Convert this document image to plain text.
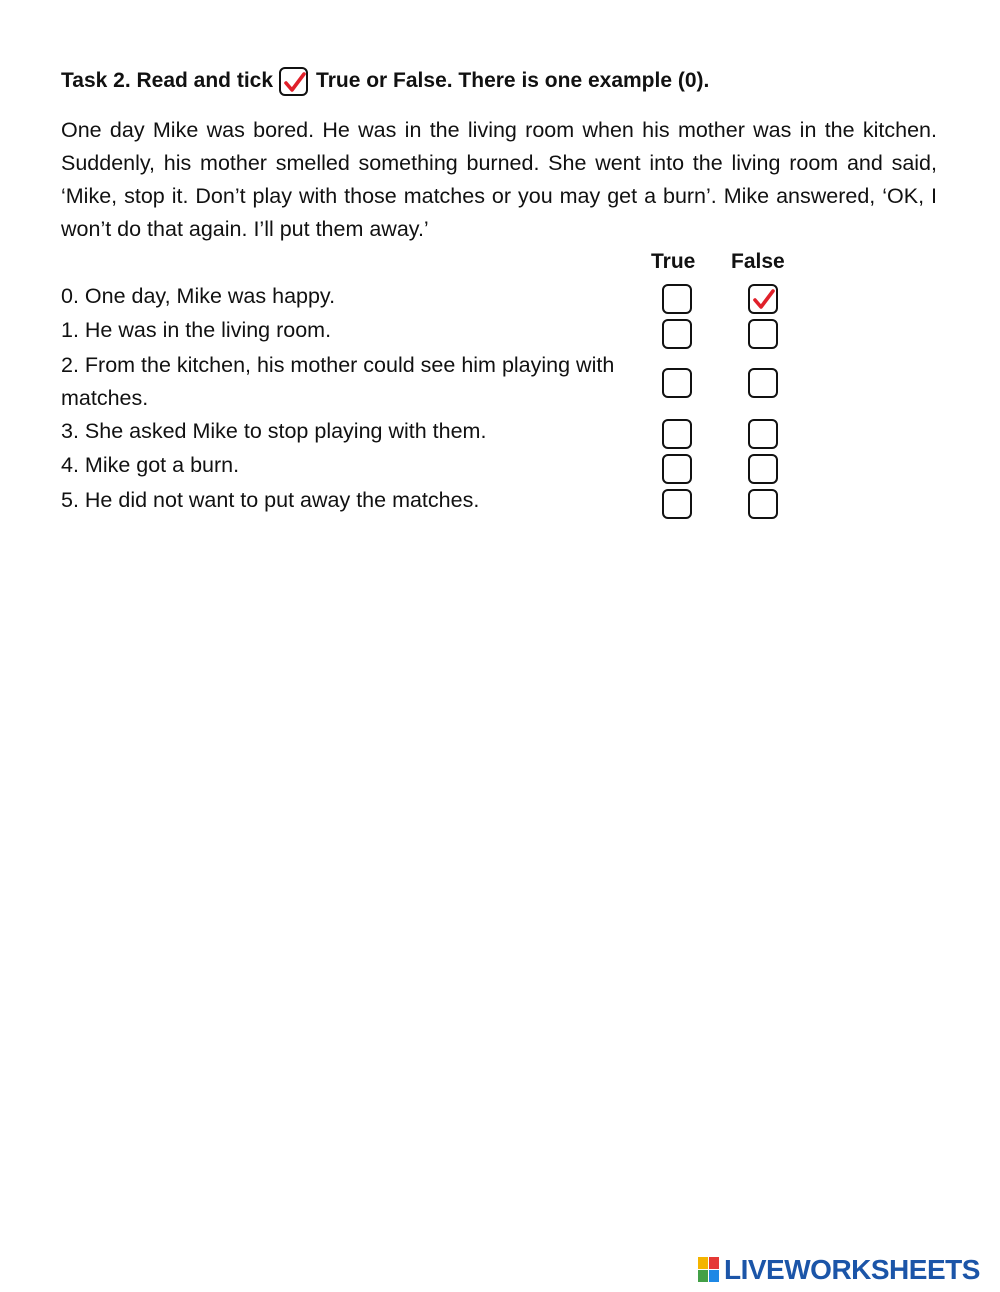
Task 2. Read and tick True or False. There is one example (0).
One day Mike was bored. He was in the living room when his mother was in the kitchen. Suddenly, his mother smelled something burned. She went into the living room and said, ‘Mike, stop it. Don’t play with those matches or you may get a burn’. Mike answered, ‘OK, I won’t do that again. I’ll put them away.’
True False
0. One day, Mike was happy.
1. He was in the living room.
2. From the kitchen, his mother could see him playing with matches.
3. She asked Mike to stop playing with them.
4. Mike got a burn.
5. He did not want to put away the matches.
LIVEWORKSHEETS
